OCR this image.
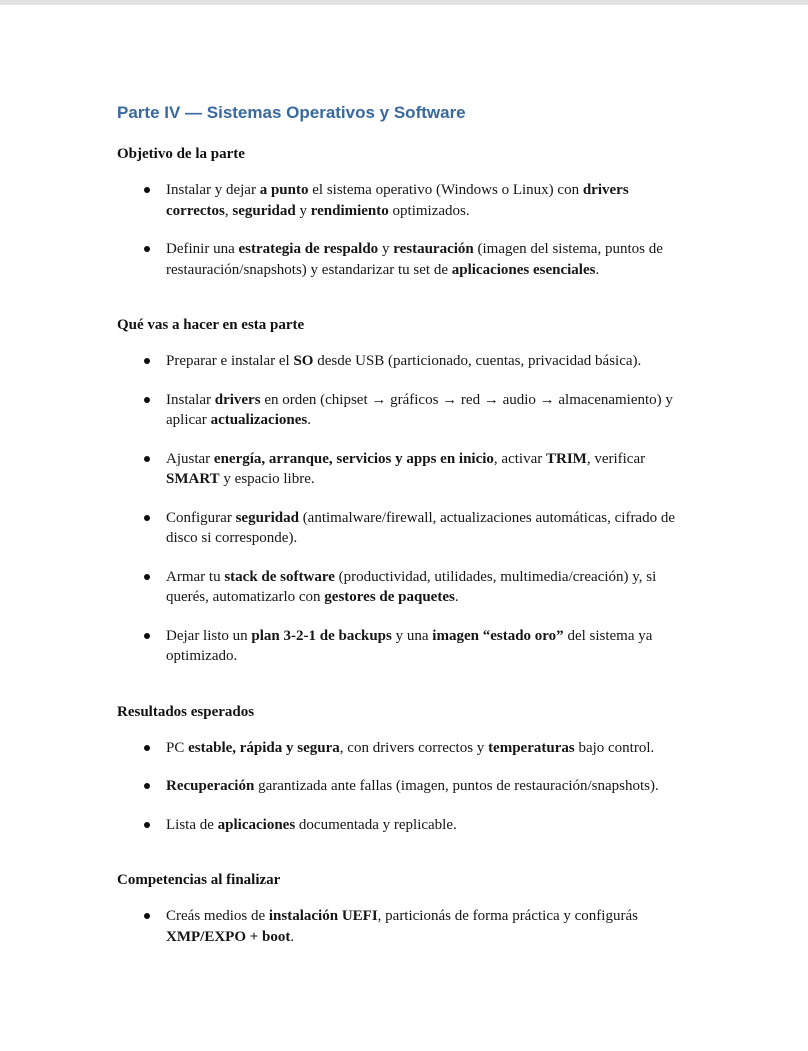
Parte IV — Sistemas Operativos y Software
Objetivo de la parte
Instalar y dejar a punto el sistema operativo (Windows o Linux) con drivers correctos, seguridad y rendimiento optimizados.
Definir una estrategia de respaldo y restauración (imagen del sistema, puntos de restauración/snapshots) y estandarizar tu set de aplicaciones esenciales.
Qué vas a hacer en esta parte
Preparar e instalar el SO desde USB (particionado, cuentas, privacidad básica).
Instalar drivers en orden (chipset → gráficos → red → audio → almacenamiento) y aplicar actualizaciones.
Ajustar energía, arranque, servicios y apps en inicio, activar TRIM, verificar SMART y espacio libre.
Configurar seguridad (antimalware/firewall, actualizaciones automáticas, cifrado de disco si corresponde).
Armar tu stack de software (productividad, utilidades, multimedia/creación) y, si querés, automatizarlo con gestores de paquetes.
Dejar listo un plan 3-2-1 de backups y una imagen “estado oro” del sistema ya optimizado.
Resultados esperados
PC estable, rápida y segura, con drivers correctos y temperaturas bajo control.
Recuperación garantizada ante fallas (imagen, puntos de restauración/snapshots).
Lista de aplicaciones documentada y replicable.
Competencias al finalizar
Creás medios de instalación UEFI, particionás de forma práctica y configurás XMP/EXPO + boot.
